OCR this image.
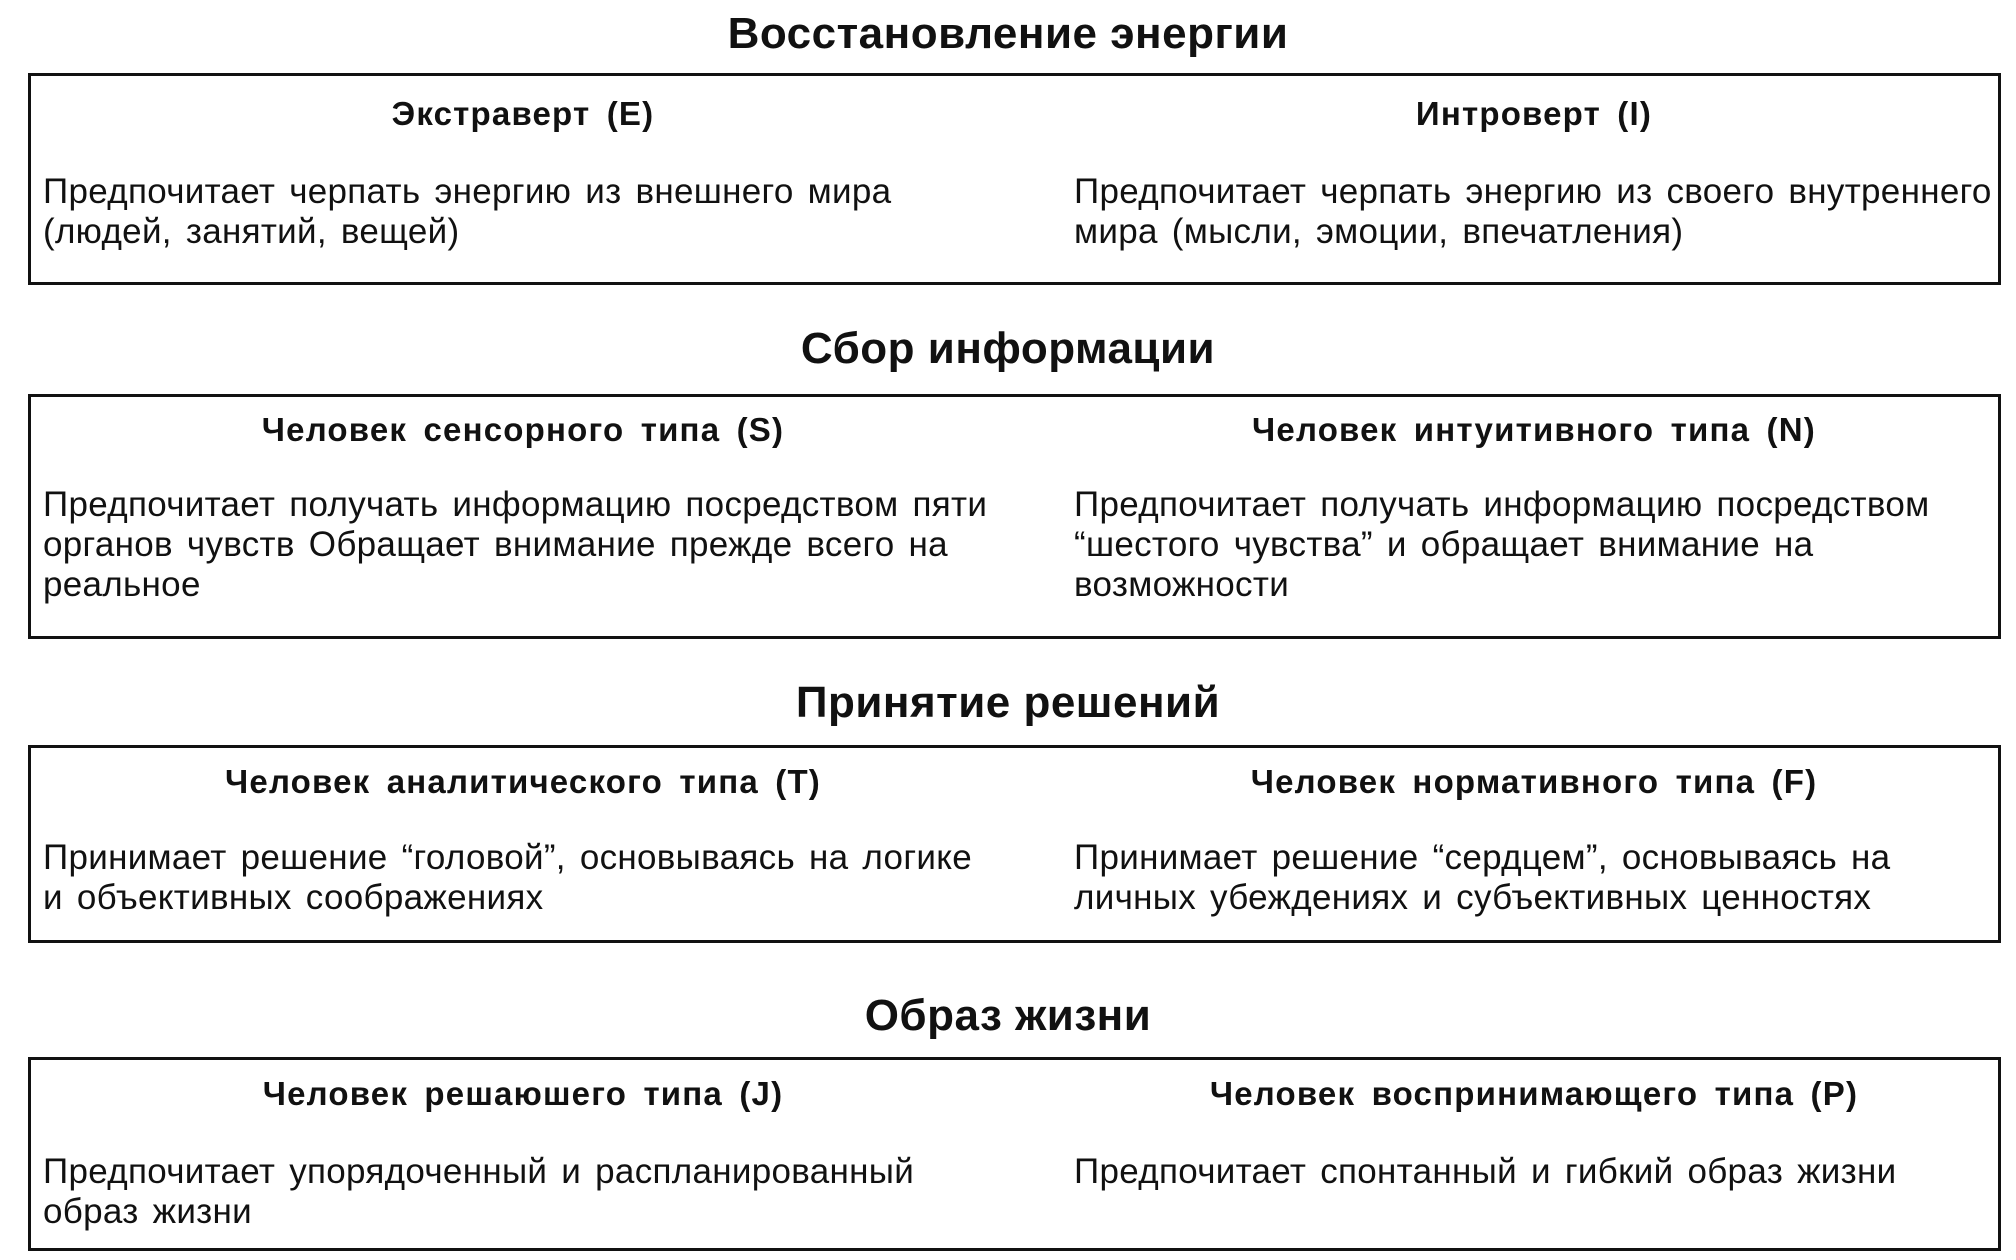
Восстановление энергии
Экстраверт (E)

Предпочитает черпать энергию из внешнего мира (людей, занятий, вещей)

Интроверт (I)

Предпочитает черпать энергию из своего внутреннего мира (мысли, эмоции, впечатления)

Сбор информации
Человек сенсорного типа (S)

Предпочитает получать информацию посредством пяти органов чувств Обращает внимание прежде всего на реальное

Человек интуитивного типа (N)

Предпочитает получать информацию посредством “шестого чувства” и обращает внимание на возможности

Принятие решений
Человек аналитического типа (T)

Принимает решение “головой”, основываясь на логике и объективных соображениях

Человек нормативного типа (F)

Принимает решение “сердцем”, основываясь на личных убеждениях и субъективных ценностях

Образ жизни
Человек решаюшего типа (J)

Предпочитает упорядоченный и распланированный образ жизни

Человек воспринимающего типа (P)

Предпочитает спонтанный и гибкий образ жизни
